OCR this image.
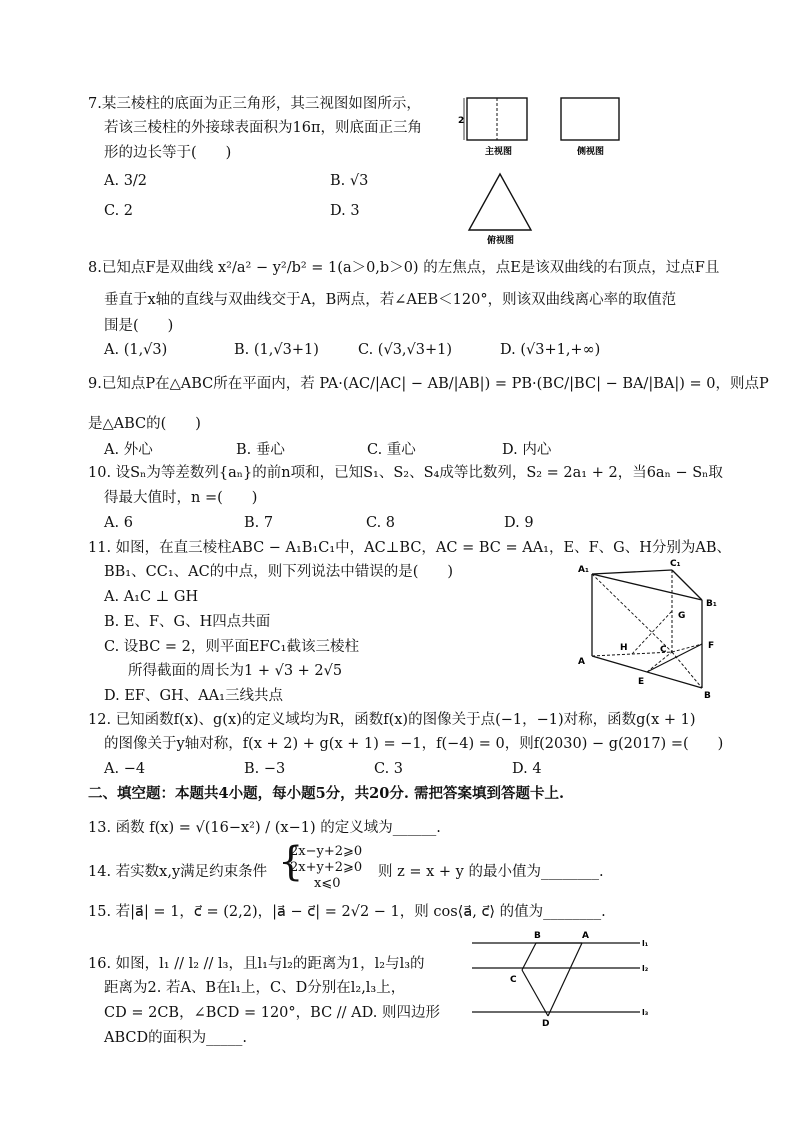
7.某三棱柱的底面为正三角形，其三视图如图所示，
若该三棱柱的外接球表面积为16π，则底面正三角
形的边长等于(　　)
A. 3/2	B. √3
C. 2	D. 3
2
主视图	侧视图
俯视图
8.已知点F是双曲线 x²/a² − y²/b² = 1(a＞0,b＞0) 的左焦点，点E是该双曲线的右顶点，过点F且
垂直于x轴的直线与双曲线交于A，B两点，若∠AEB＜120°，则该双曲线离心率的取值范
围是(　　)
A. (1,√3)	B. (1,√3+1)	C. (√3,√3+1)	D. (√3+1,+∞)
9.已知点P在△ABC所在平面内，若 PA·(AC/|AC| − AB/|AB|) = PB·(BC/|BC| − BA/|BA|) = 0，则点P
是△ABC的(　　)
A. 外心	B. 垂心	C. 重心	D. 内心
10. 设Sₙ为等差数列{aₙ}的前n项和，已知S₁、S₂、S₄成等比数列，S₂ = 2a₁ + 2，当6aₙ − Sₙ取
得最大值时，n =(　　)
A. 6	B. 7	C. 8	D. 9
11. 如图，在直三棱柱ABC − A₁B₁C₁中，AC⊥BC，AC = BC = AA₁，E、F、G、H分别为AB、
BB₁、CC₁、AC的中点，则下列说法中错误的是(　　)
A. A₁C ⊥ GH
B. E、F、G、H四点共面
C. 设BC = 2，则平面EFC₁截该三棱柱
所得截面的周长为1 + √3 + 2√5
D. EF、GH、AA₁三线共点
A₁
C₁
B₁
G
H	C	F
A
E
B
12. 已知函数f(x)、g(x)的定义域均为R，函数f(x)的图像关于点(−1，−1)对称，函数g(x + 1)
的图像关于y轴对称，f(x + 2) + g(x + 1) = −1，f(−4) = 0，则f(2030) − g(2017) =(　　)
A. −4	B. −3	C. 3	D. 4
二、填空题：本题共4小题，每小题5分，共20分. 需把答案填到答题卡上.
13. 函数 f(x) = √(16−x²) / (x−1) 的定义域为______.
14. 若实数x,y满足约束条件 {
2x−y+2⩾0
2x+y+2⩾0
x⩽0
则 z = x + y 的最小值为________.
15. 若|a⃗| = 1，c⃗ = (2,2)，|a⃗ − c⃗| = 2√2 − 1，则 cos⟨a⃗, c⃗⟩ 的值为________.
16. 如图，l₁ // l₂ // l₃，且l₁与l₂的距离为1，l₂与l₃的
距离为2. 若A、B在l₁上，C、D分别在l₂,l₃上，
CD = 2CB，∠BCD = 120°，BC // AD. 则四边形
ABCD的面积为_____.
B	A
C
D
l₁
l₂
l₃
